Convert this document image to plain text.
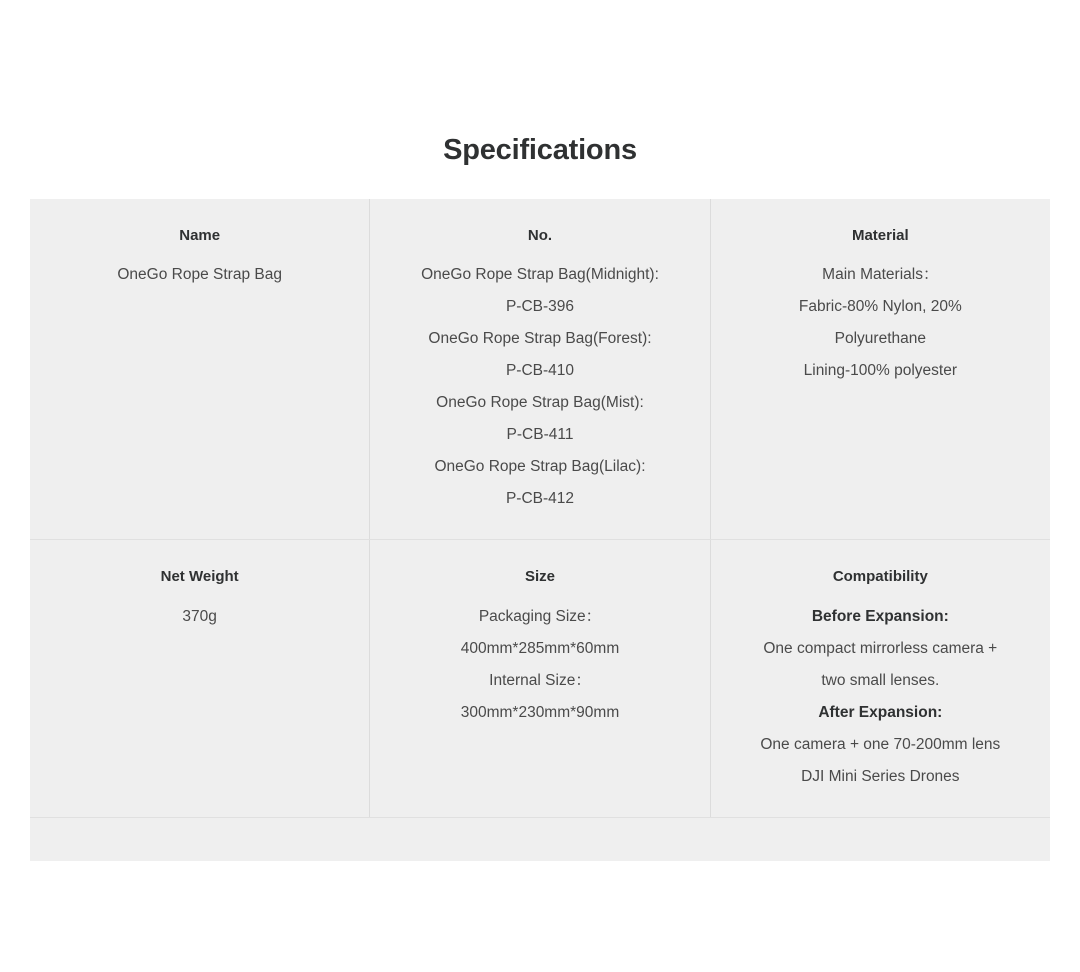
Specifications
Name
OneGo Rope Strap Bag
No.
OneGo Rope Strap Bag(Midnight):
P-CB-396
OneGo Rope Strap Bag(Forest):
P-CB-410
OneGo Rope Strap Bag(Mist):
P-CB-411
OneGo Rope Strap Bag(Lilac):
P-CB-412
Material
Main Materials：
Fabric-80% Nylon, 20%
Polyurethane
Lining-100% polyester
Net Weight
370g
Size
Packaging Size：
400mm*285mm*60mm
Internal Size：
300mm*230mm*90mm
Compatibility
Before Expansion:
One compact mirrorless camera +
two small lenses.
After Expansion:
One camera + one 70-200mm lens
DJI Mini Series Drones
